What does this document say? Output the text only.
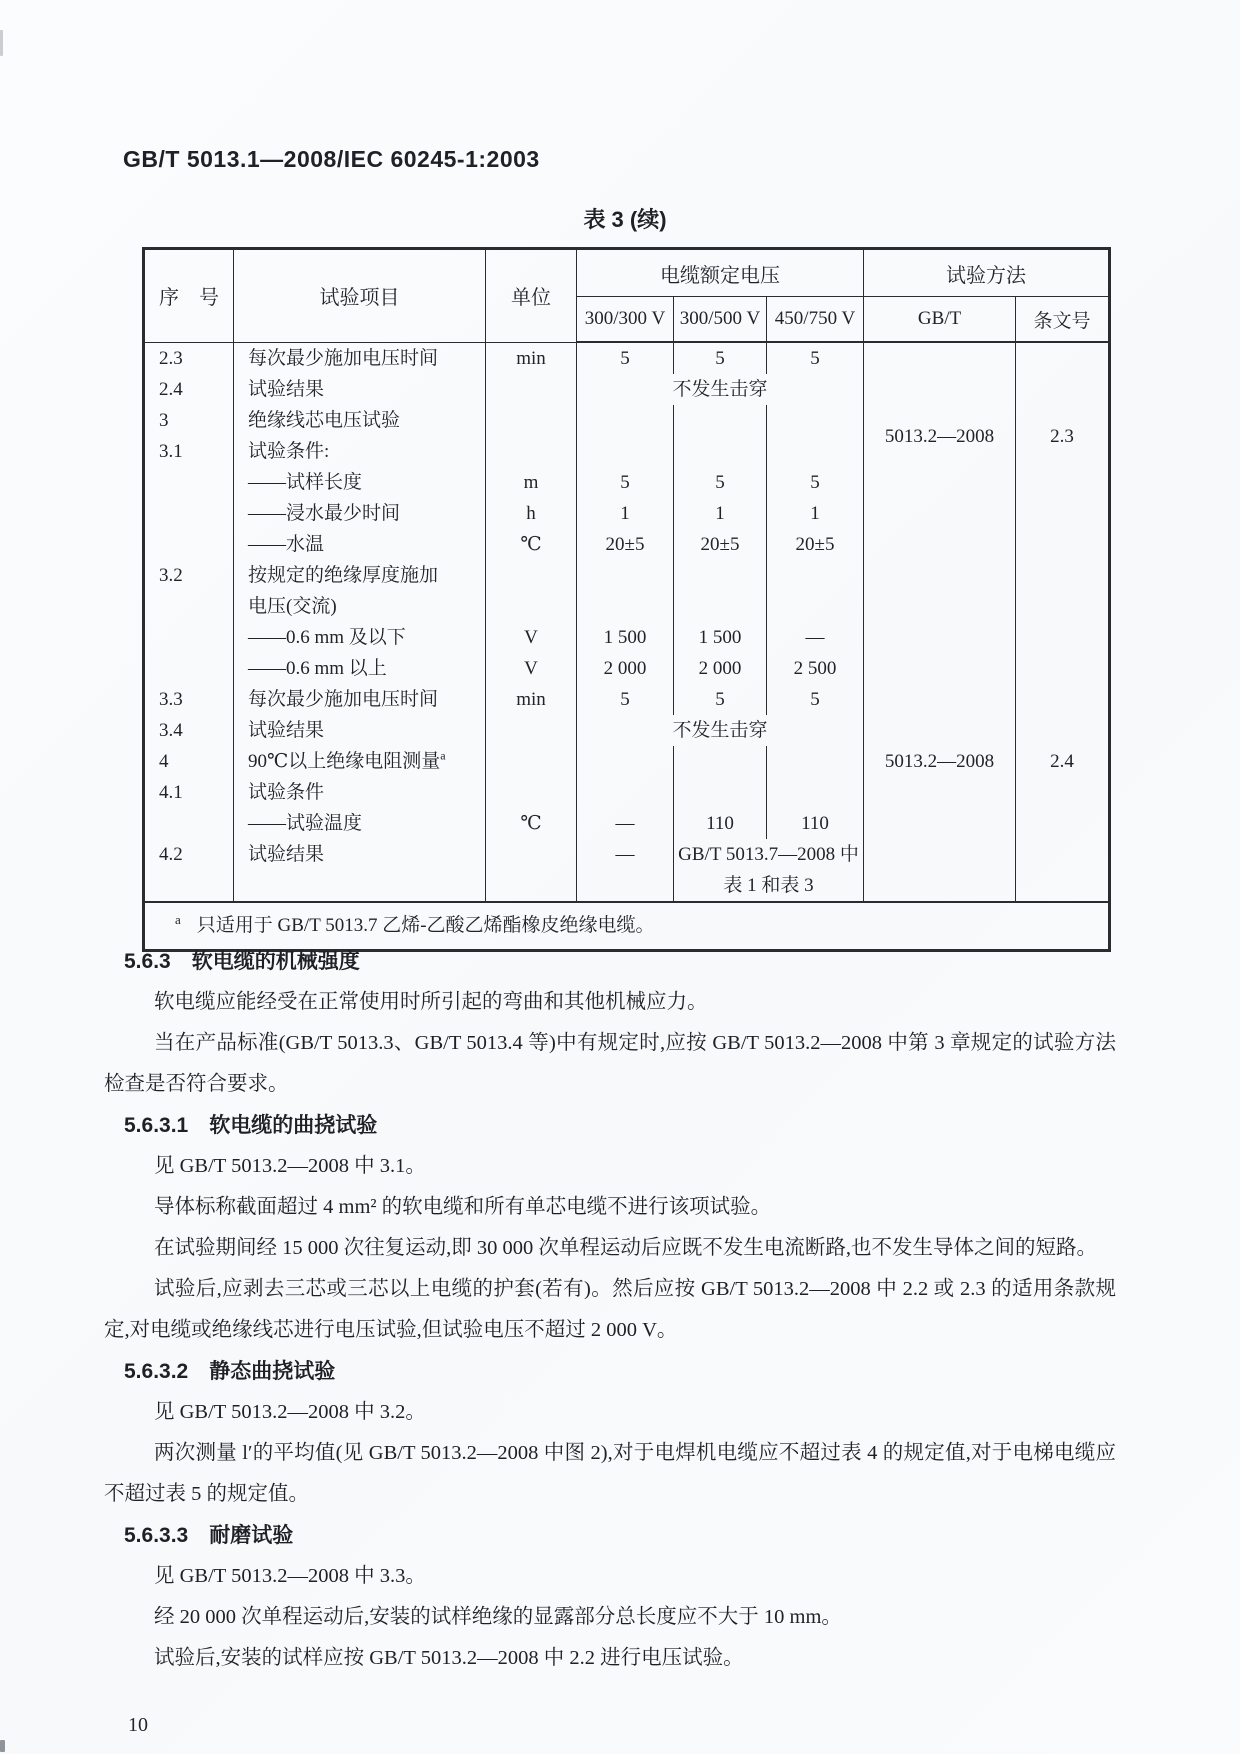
GB/T 5013.1—2008/IEC 60245-1:2003
表 3 (续)
序　号	试验项目	单位	电缆额定电压			试验方法	
			300/300 V	300/500 V	450/750 V	GB/T	条文号
2.3	每次最少施加电压时间	min	5	5	5		
2.4	试验结果		不发生击穿				
3	绝缘线芯电压试验					5013.2—2008	2.3
3.1	试验条件:						
	——试样长度	m	5	5	5		
	——浸水最少时间	h	1	1	1		
	——水温	℃	20±5	20±5	20±5		
3.2	按规定的绝缘厚度施加						
	电压(交流)						
	——0.6 mm 及以下	V	1 500	1 500	—		
	——0.6 mm 以上	V	2 000	2 000	2 500		
3.3	每次最少施加电压时间	min	5	5	5		
3.4	试验结果		不发生击穿				
4	90℃以上绝缘电阻测量$^a$					5013.2—2008	2.4
4.1	试验条件						
	——试验温度	℃	—	110	110		
4.2	试验结果		—	GB/T 5013.7—2008 中
表 1 和表 3			

$^a$ 只适用于 GB/T 5013.7 乙烯-乙酸乙烯酯橡皮绝缘电缆。							
5.6.3　软电缆的机械强度
软电缆应能经受在正常使用时所引起的弯曲和其他机械应力。
当在产品标准(GB/T 5013.3、GB/T 5013.4 等)中有规定时,应按 GB/T 5013.2—2008 中第 3 章规定的试验方法检查是否符合要求。
5.6.3.1　软电缆的曲挠试验
见 GB/T 5013.2—2008 中 3.1。
导体标称截面超过 4 mm² 的软电缆和所有单芯电缆不进行该项试验。
在试验期间经 15 000 次往复运动,即 30 000 次单程运动后应既不发生电流断路,也不发生导体之间的短路。
试验后,应剥去三芯或三芯以上电缆的护套(若有)。然后应按 GB/T 5013.2—2008 中 2.2 或 2.3 的适用条款规定,对电缆或绝缘线芯进行电压试验,但试验电压不超过 2 000 V。
5.6.3.2　静态曲挠试验
见 GB/T 5013.2—2008 中 3.2。
两次测量 l′的平均值(见 GB/T 5013.2—2008 中图 2),对于电焊机电缆应不超过表 4 的规定值,对于电梯电缆应不超过表 5 的规定值。
5.6.3.3　耐磨试验
见 GB/T 5013.2—2008 中 3.3。
经 20 000 次单程运动后,安装的试样绝缘的显露部分总长度应不大于 10 mm。
试验后,安装的试样应按 GB/T 5013.2—2008 中 2.2 进行电压试验。
10
